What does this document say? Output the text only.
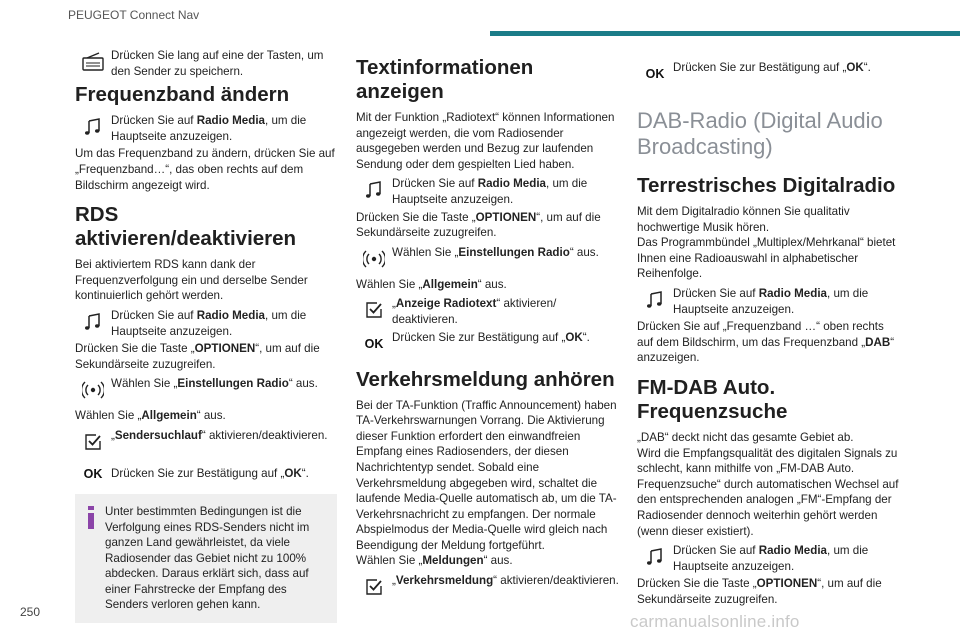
PEUGEOT Connect Nav
Drücken Sie lang auf eine der Tasten, um den Sender zu speichern.
Frequenzband ändern
Drücken Sie auf Radio Media, um die Hauptseite anzuzeigen.
Um das Frequenzband zu ändern, drücken Sie auf „Frequenzband…“, das oben rechts auf dem Bildschirm angezeigt wird.
RDS aktivieren/deaktivieren
Bei aktiviertem RDS kann dank der Frequenzverfolgung ein und derselbe Sender kontinuierlich gehört werden.
Drücken Sie auf Radio Media, um die Hauptseite anzuzeigen.
Drücken Sie die Taste „OPTIONEN“, um auf die Sekundärseite zuzugreifen.
Wählen Sie „Einstellungen Radio“ aus.
Wählen Sie „Allgemein“ aus.
„Sendersuchlauf“ aktivieren/deaktivieren.
OK Drücken Sie zur Bestätigung auf „OK“.
Unter bestimmten Bedingungen ist die Verfolgung eines RDS-Senders nicht im ganzen Land gewährleistet, da viele Radiosender das Gebiet nicht zu 100% abdecken. Daraus erklärt sich, dass auf einer Fahrstrecke der Empfang des Senders verloren gehen kann.
Textinformationen anzeigen
Mit der Funktion „Radiotext“ können Informationen angezeigt werden, die vom Radiosender ausgegeben werden und Bezug zur laufenden Sendung oder dem gespielten Lied haben.
Drücken Sie auf Radio Media, um die Hauptseite anzuzeigen.
Drücken Sie die Taste „OPTIONEN“, um auf die Sekundärseite zuzugreifen.
Wählen Sie „Einstellungen Radio“ aus.
Wählen Sie „Allgemein“ aus.
„Anzeige Radiotext“ aktivieren/ deaktivieren.
OK Drücken Sie zur Bestätigung auf „OK“.
Verkehrsmeldung anhören
Bei der TA-Funktion (Traffic Announcement) haben TA-Verkehrswarnungen Vorrang. Die Aktivierung dieser Funktion erfordert den einwandfreien Empfang eines Radiosenders, der diesen Nachrichtentyp sendet. Sobald eine Verkehrsmeldung abgegeben wird, schaltet die laufende Media-Quelle automatisch ab, um die TA-Verkehrsnachricht zu empfangen. Der normale Abspielmodus der Media-Quelle wird gleich nach Beendigung der Meldung fortgeführt.
Wählen Sie „Meldungen“ aus.
„Verkehrsmeldung“ aktivieren/deaktivieren.
OK Drücken Sie zur Bestätigung auf „OK“.
DAB-Radio (Digital Audio Broadcasting)
Terrestrisches Digitalradio
Mit dem Digitalradio können Sie qualitativ hochwertige Musik hören.
Das Programmbündel „Multiplex/Mehrkanal“ bietet Ihnen eine Radioauswahl in alphabetischer Reihenfolge.
Drücken Sie auf Radio Media, um die Hauptseite anzuzeigen.
Drücken Sie auf „Frequenzband …“ oben rechts auf dem Bildschirm, um das Frequenzband „DAB“ anzuzeigen.
FM-DAB Auto. Frequenzsuche
„DAB“ deckt nicht das gesamte Gebiet ab.
Wird die Empfangsqualität des digitalen Signals zu schlecht, kann mithilfe von „FM-DAB Auto. Frequenzsuche“ durch automatischen Wechsel auf den entsprechenden analogen „FM“-Empfang der Radiosender dennoch weiterhin gehört werden (wenn dieser existiert).
Drücken Sie auf Radio Media, um die Hauptseite anzuzeigen.
Drücken Sie die Taste „OPTIONEN“, um auf die Sekundärseite zuzugreifen.
250	carmanualsonline.info
